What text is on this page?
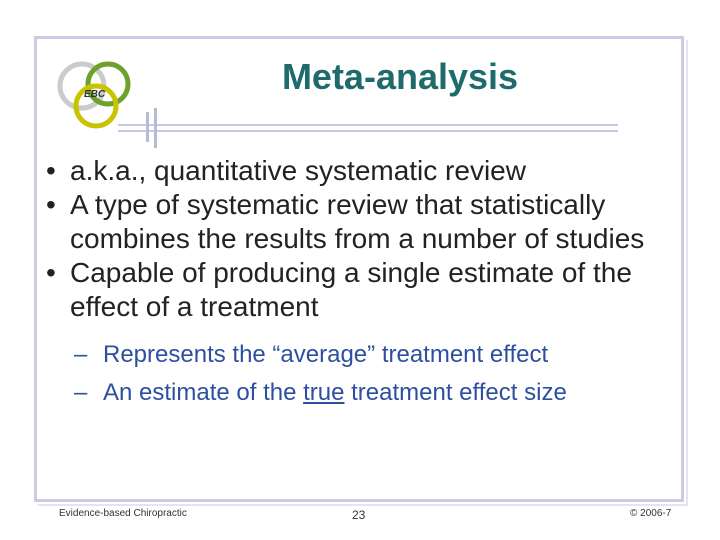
EBC	Meta-analysis

• a.k.a., quantitative systematic review

• A type of systematic review that statistically combines the results from a number of studies

• Capable of producing a single estimate of the effect of a treatment

– Represents the “average” treatment effect

– An estimate of the true treatment effect size

Evidence-based Chiropractic	23	© 2006-7
